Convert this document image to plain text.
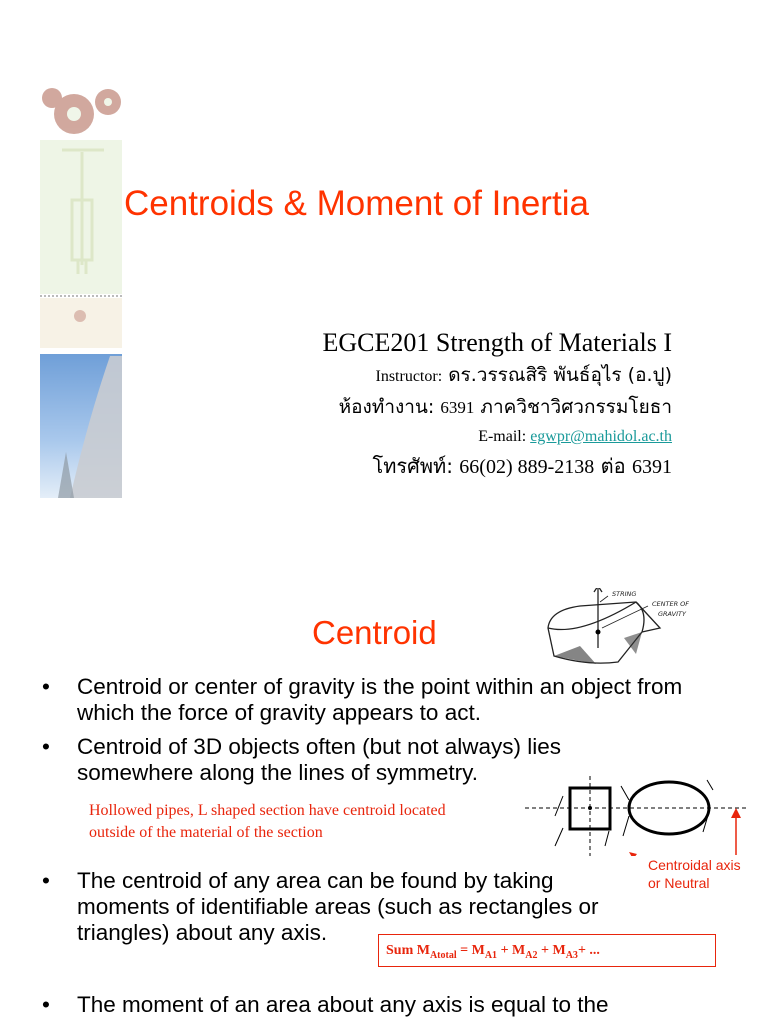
Centroids & Moment of Inertia
EGCE201 Strength of Materials I
Instructor: ดร.วรรณสิริ พันธ์อุไร (อ.ปู)
ห้องทำงาน: 6391 ภาควิชาวิศวกรรมโยธา
E-mail: egwpr@mahidol.ac.th
โทรศัพท์: 66(02) 889-2138 ต่อ 6391
Centroid
STRING
CENTER OF
GRAVITY
•	Centroid or center of gravity is the point within an object from which the force of gravity appears to act.
•	Centroid of 3D objects often (but not always) lies somewhere along the lines of symmetry.
Hollowed pipes, L shaped section have centroid located outside of the material of the section
Centroidal axis
or Neutral
•	The centroid of any area can be found by taking moments of identifiable areas (such as rectangles or triangles) about any axis.
Sum $M_{Atotal} = M_{A1} + M_{A2} + M_{A3}+$ ...
•	The moment of an area about any axis is equal to the
